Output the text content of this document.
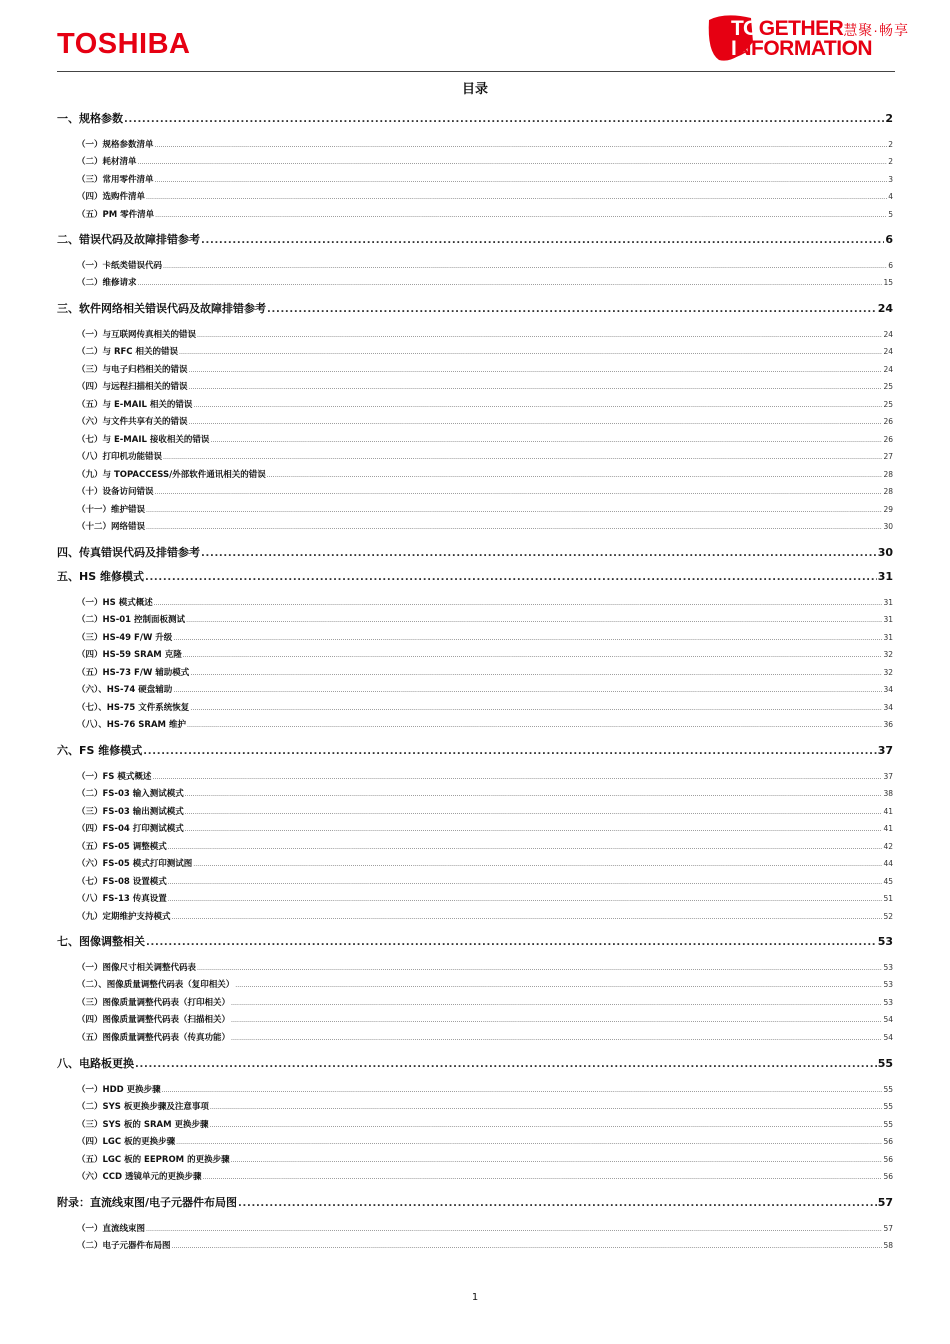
TOSHIBA	TOGETHER慧聚·畅享
INFORMATION
目录
一、规格参数 . . .	2
（一）规格参数清单 . . .	2
（二）耗材清单 . . .	2
（三）常用零件清单 . . .	3
（四）选购件清单 . . .	4
（五）PM 零件清单 . . .	5
二、错误代码及故障排错参考 . . .	6
（一）卡纸类错误代码 . . .	6
（二）维修请求 . . .	15
三、软件网络相关错误代码及故障排错参考 . . .	24
（一）与互联网传真相关的错误 . . .	24
（二）与 RFC 相关的错误 . . .	24
（三）与电子归档相关的错误 . . .	24
（四）与远程扫描相关的错误 . . .	25
（五）与 E-MAIL 相关的错误 . . .	25
（六）与文件共享有关的错误 . . .	26
（七）与 E-MAIL 接收相关的错误 . . .	26
（八）打印机功能错误 . . .	27
（九）与 TOPACCESS/外部软件通讯相关的错误 . . .	28
（十）设备访问错误 . . .	28
（十一）维护错误 . . .	29
（十二）网络错误 . . .	30
四、传真错误代码及排错参考 . . .	30
五、HS 维修模式 . . .	31
（一）HS 模式概述 . . .	31
（二）HS-01 控制面板测试 . . .	31
（三）HS-49 F/W 升级 . . .	31
（四）HS-59 SRAM 克隆 . . .	32
（五）HS-73 F/W 辅助模式 . . .	32
（六）、HS-74 硬盘辅助 . . .	34
（七）、HS-75 文件系统恢复 . . .	34
（八）、HS-76 SRAM 维护 . . .	36
六、FS 维修模式 . . .	37
（一）FS 模式概述 . . .	37
（二）FS-03 输入测试模式 . . .	38
（三）FS-03 输出测试模式 . . .	41
（四）FS-04 打印测试模式 . . .	41
（五）FS-05 调整模式 . . .	42
（六）FS-05 模式打印测试图 . . .	44
（七）FS-08 设置模式 . . .	45
（八）FS-13 传真设置 . . .	51
（九）定期维护支持模式 . . .	52
七、图像调整相关 . . .	53
（一）图像尺寸相关调整代码表 . . .	53
（二）、图像质量调整代码表（复印相关） . . .	53
（三）图像质量调整代码表（打印相关） . . .	53
（四）图像质量调整代码表（扫描相关） . . .	54
（五）图像质量调整代码表（传真功能） . . .	54
八、电路板更换 . . .	55
（一）HDD 更换步骤 . . .	55
（二）SYS 板更换步骤及注意事项 . . .	55
（三）SYS 板的 SRAM 更换步骤 . . .	55
（四）LGC 板的更换步骤 . . .	56
（五）LGC 板的 EEPROM 的更换步骤 . . .	56
（六）CCD 透镜单元的更换步骤 . . .	56
附录：直流线束图/电子元器件布局图 . . .	57
（一）直流线束图 . . .	57
（二）电子元器件布局图 . . .	58
1
